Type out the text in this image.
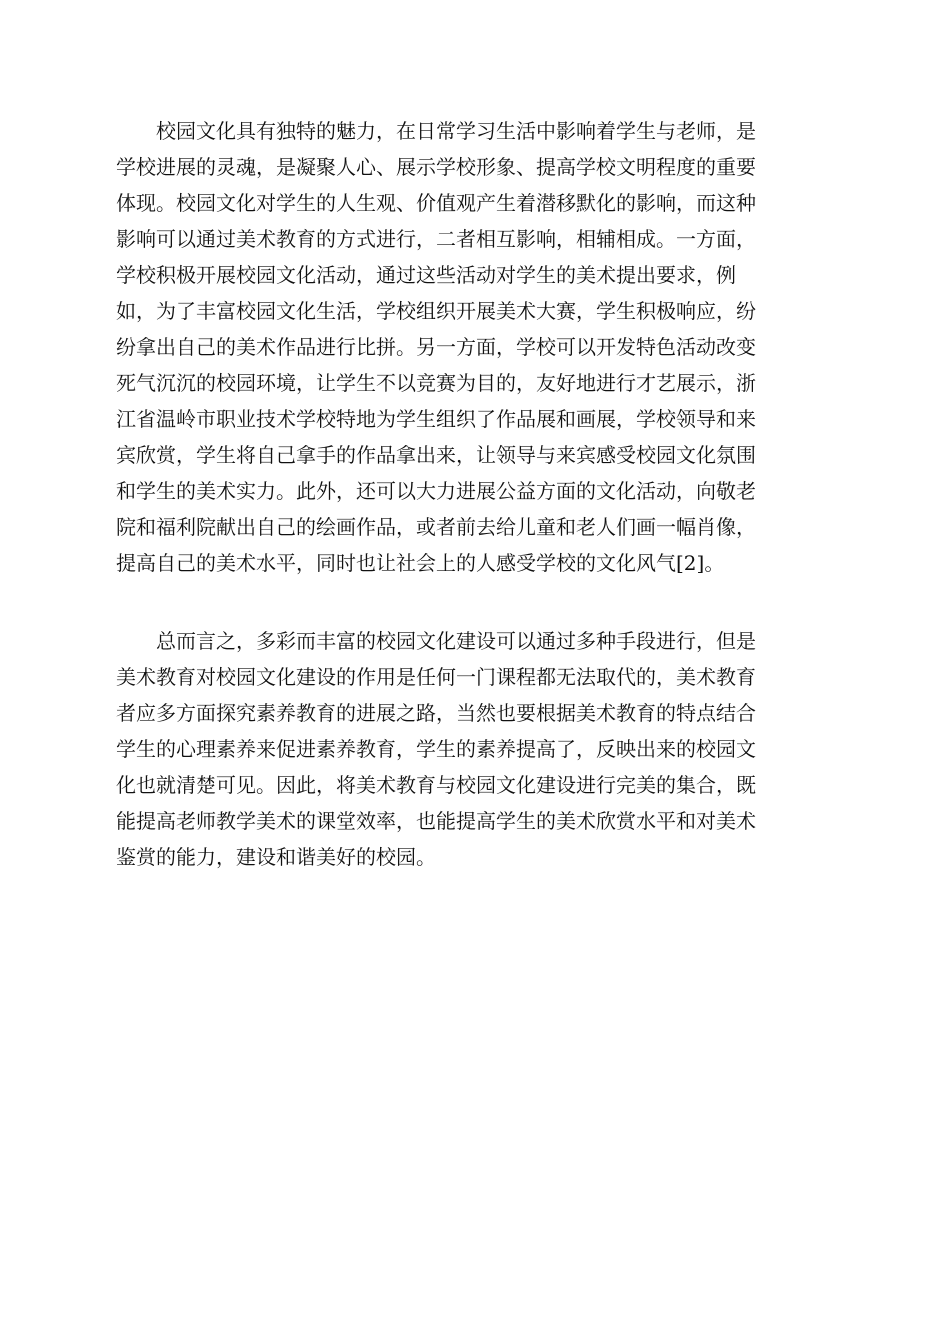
　　校园文化具有独特的魅力，在日常学习生活中影响着学生与老师，是
学校进展的灵魂，是凝聚人心、展示学校形象、提高学校文明程度的重要
体现。校园文化对学生的人生观、价值观产生着潜移默化的影响，而这种
影响可以通过美术教育的方式进行，二者相互影响，相辅相成。一方面，
学校积极开展校园文化活动，通过这些活动对学生的美术提出要求，例
如，为了丰富校园文化生活，学校组织开展美术大赛，学生积极响应，纷
纷拿出自己的美术作品进行比拼。另一方面，学校可以开发特色活动改变
死气沉沉的校园环境，让学生不以竞赛为目的，友好地进行才艺展示，浙
江省温岭市职业技术学校特地为学生组织了作品展和画展，学校领导和来
宾欣赏，学生将自己拿手的作品拿出来，让领导与来宾感受校园文化氛围
和学生的美术实力。此外，还可以大力进展公益方面的文化活动，向敬老
院和福利院献出自己的绘画作品，或者前去给儿童和老人们画一幅肖像，
提高自己的美术水平，同时也让社会上的人感受学校的文化风气[2]。
　　总而言之，多彩而丰富的校园文化建设可以通过多种手段进行，但是
美术教育对校园文化建设的作用是任何一门课程都无法取代的，美术教育
者应多方面探究素养教育的进展之路，当然也要根据美术教育的特点结合
学生的心理素养来促进素养教育，学生的素养提高了，反映出来的校园文
化也就清楚可见。因此，将美术教育与校园文化建设进行完美的集合，既
能提高老师教学美术的课堂效率，也能提高学生的美术欣赏水平和对美术
鉴赏的能力，建设和谐美好的校园。
